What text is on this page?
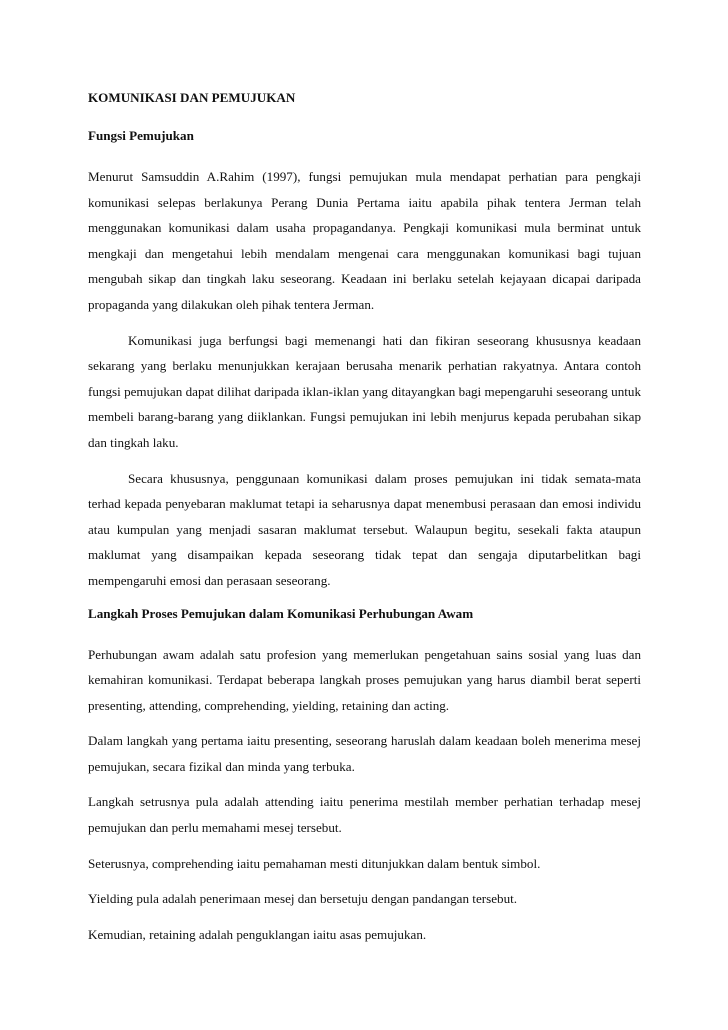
KOMUNIKASI DAN PEMUJUKAN
Fungsi Pemujukan

Menurut Samsuddin A.Rahim (1997), fungsi pemujukan mula mendapat perhatian para pengkaji komunikasi selepas berlakunya Perang Dunia Pertama iaitu apabila pihak tentera Jerman telah menggunakan komunikasi dalam usaha propagandanya. Pengkaji komunikasi mula berminat untuk mengkaji dan mengetahui lebih mendalam mengenai cara menggunakan komunikasi bagi tujuan mengubah sikap dan tingkah laku seseorang. Keadaan ini berlaku setelah kejayaan dicapai daripada propaganda yang dilakukan oleh pihak tentera Jerman.

Komunikasi juga berfungsi bagi memenangi hati dan fikiran seseorang khususnya keadaan sekarang yang berlaku menunjukkan kerajaan berusaha menarik perhatian rakyatnya. Antara contoh fungsi pemujukan dapat dilihat daripada iklan-iklan yang ditayangkan bagi mepengaruhi seseorang untuk membeli barang-barang yang diiklankan. Fungsi pemujukan ini lebih menjurus kepada perubahan sikap dan tingkah laku.

Secara khususnya, penggunaan komunikasi dalam proses pemujukan ini tidak semata-mata terhad kepada penyebaran maklumat tetapi ia seharusnya dapat menembusi perasaan dan emosi individu atau kumpulan yang menjadi sasaran maklumat tersebut. Walaupun begitu, sesekali fakta ataupun maklumat yang disampaikan kepada seseorang tidak tepat dan sengaja diputarbelitkan bagi mempengaruhi emosi dan perasaan seseorang.

Langkah Proses Pemujukan dalam Komunikasi Perhubungan Awam

Perhubungan awam adalah satu profesion yang memerlukan pengetahuan sains sosial yang luas dan kemahiran komunikasi. Terdapat beberapa langkah proses pemujukan yang harus diambil berat seperti presenting, attending, comprehending, yielding, retaining dan acting.

Dalam langkah yang pertama iaitu presenting, seseorang haruslah dalam keadaan boleh menerima mesej pemujukan, secara fizikal dan minda yang terbuka.

Langkah setrusnya pula adalah attending iaitu penerima mestilah member perhatian terhadap mesej pemujukan dan perlu memahami mesej tersebut.

Seterusnya, comprehending iaitu pemahaman mesti ditunjukkan dalam bentuk simbol.

Yielding pula adalah penerimaan mesej dan bersetuju dengan pandangan tersebut.

Kemudian, retaining adalah penguklangan iaitu asas pemujukan.
